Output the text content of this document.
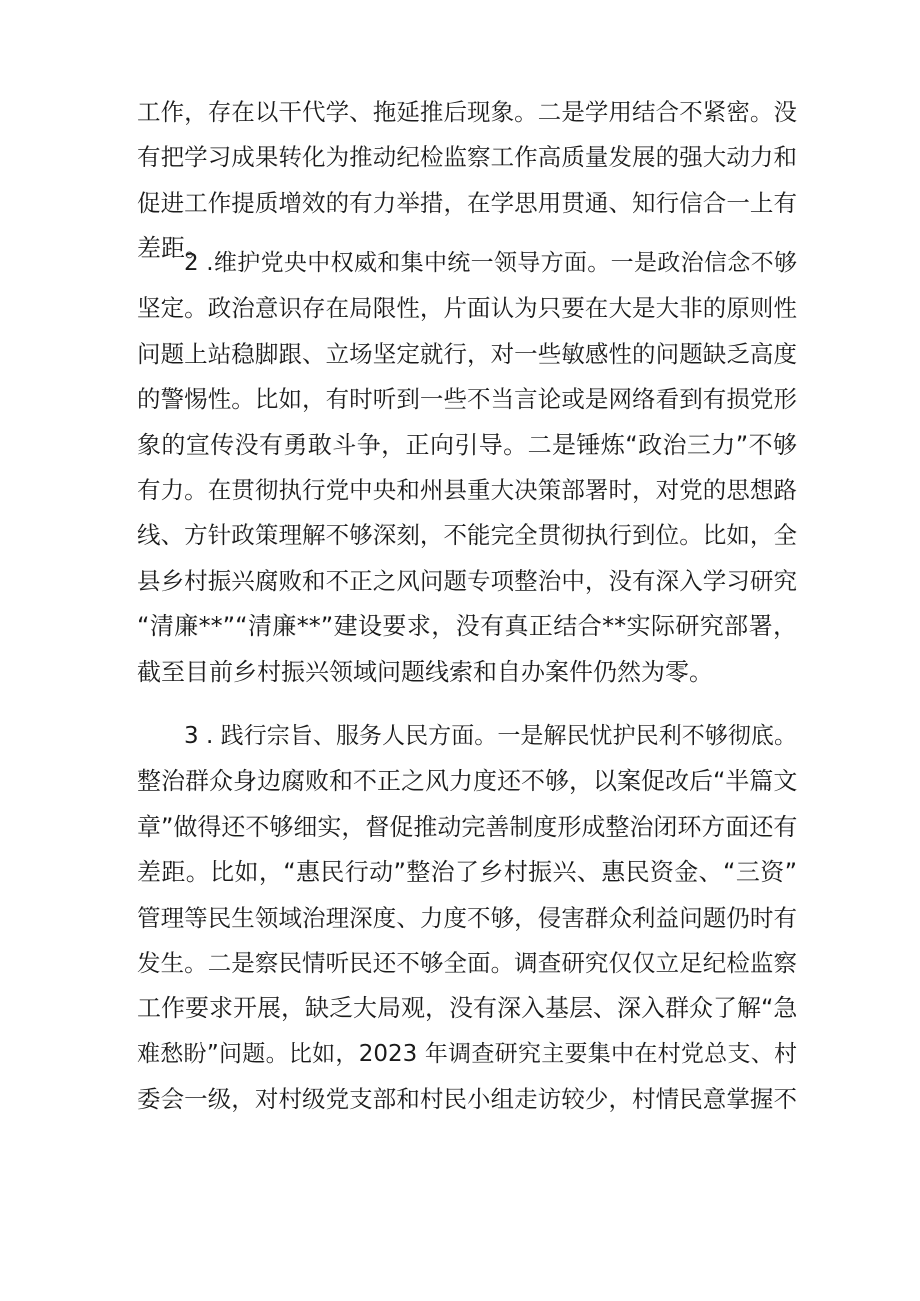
工作，存在以干代学、拖延推后现象。二是学用结合不紧密。没
有把学习成果转化为推动纪检监察工作高质量发展的强大动力和
促进工作提质增效的有力举措，在学思用贯通、知行信合一上有
差距。
2 .维护党央中权威和集中统一领导方面。一是政治信念不够
坚定。政治意识存在局限性，片面认为只要在大是大非的原则性
问题上站稳脚跟、立场坚定就行，对一些敏感性的问题缺乏高度
的警惕性。比如，有时听到一些不当言论或是网络看到有损党形
象的宣传没有勇敢斗争，正向引导。二是锤炼“政治三力”不够
有力。在贯彻执行党中央和州县重大决策部署时，对党的思想路
线、方针政策理解不够深刻，不能完全贯彻执行到位。比如，全
县乡村振兴腐败和不正之风问题专项整治中，没有深入学习研究
“清廉**”“清廉**”建设要求，没有真正结合**实际研究部署，
截至目前乡村振兴领域问题线索和自办案件仍然为零。
3 . 践行宗旨、服务人民方面。一是解民忧护民利不够彻底。
整治群众身边腐败和不正之风力度还不够，以案促改后“半篇文
章”做得还不够细实，督促推动完善制度形成整治闭环方面还有
差距。比如，“惠民行动”整治了乡村振兴、惠民资金、“三资”
管理等民生领域治理深度、力度不够，侵害群众利益问题仍时有
发生。二是察民情听民还不够全面。调查研究仅仅立足纪检监察
工作要求开展，缺乏大局观，没有深入基层、深入群众了解“急
难愁盼”问题。比如，2023 年调查研究主要集中在村党总支、村
委会一级，对村级党支部和村民小组走访较少，村情民意掌握不
